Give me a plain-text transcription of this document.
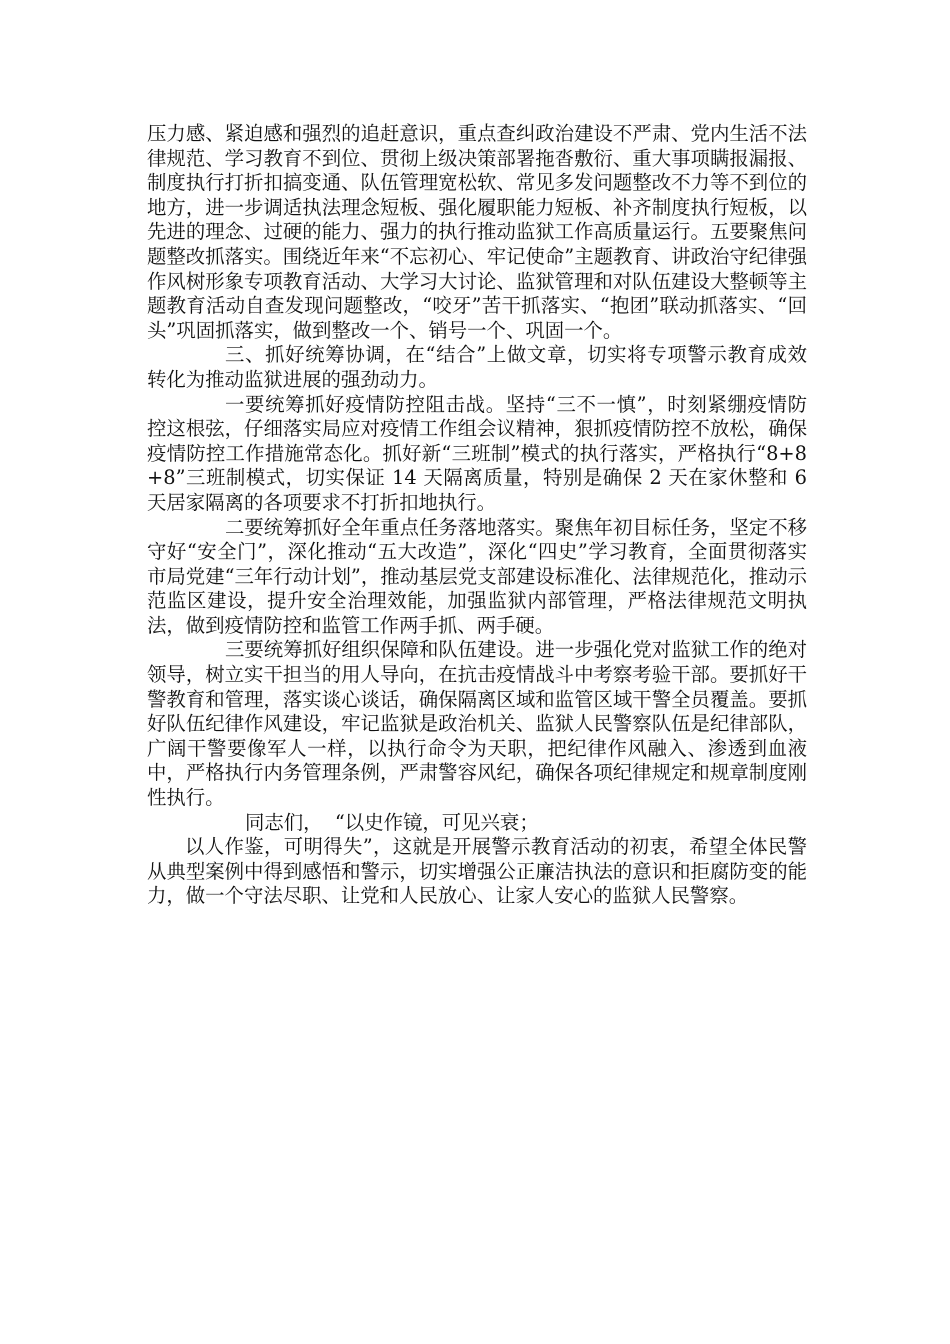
压力感、紧迫感和强烈的追赶意识，重点查纠政治建设不严肃、党内生活不法律规范、学习教育不到位、贯彻上级决策部署拖沓敷衍、重大事项瞒报漏报、制度执行打折扣搞变通、队伍管理宽松软、常见多发问题整改不力等不到位的地方，进一步调适执法理念短板、强化履职能力短板、补齐制度执行短板，以先进的理念、过硬的能力、强力的执行推动监狱工作高质量运行。五要聚焦问题整改抓落实。围绕近年来“不忘初心、牢记使命”主题教育、讲政治守纪律强作风树形象专项教育活动、大学习大讨论、监狱管理和对队伍建设大整顿等主题教育活动自查发现问题整改，“咬牙”苦干抓落实、“抱团”联动抓落实、“回头”巩固抓落实，做到整改一个、销号一个、巩固一个。

三、抓好统筹协调，在“结合”上做文章，切实将专项警示教育成效转化为推动监狱进展的强劲动力。

一要统筹抓好疫情防控阻击战。坚持“三不一慎”，时刻紧绷疫情防控这根弦，仔细落实局应对疫情工作组会议精神，狠抓疫情防控不放松，确保疫情防控工作措施常态化。抓好新“三班制”模式的执行落实，严格执行“8+8+8”三班制模式，切实保证 14 天隔离质量，特别是确保 2 天在家休整和 6 天居家隔离的各项要求不打折扣地执行。

二要统筹抓好全年重点任务落地落实。聚焦年初目标任务，坚定不移守好“安全门”，深化推动“五大改造”，深化“四史”学习教育，全面贯彻落实市局党建“三年行动计划”，推动基层党支部建设标准化、法律规范化，推动示范监区建设，提升安全治理效能，加强监狱内部管理，严格法律规范文明执法，做到疫情防控和监管工作两手抓、两手硬。

三要统筹抓好组织保障和队伍建设。进一步强化党对监狱工作的绝对领导，树立实干担当的用人导向，在抗击疫情战斗中考察考验干部。要抓好干警教育和管理，落实谈心谈话，确保隔离区域和监管区域干警全员覆盖。要抓好队伍纪律作风建设，牢记监狱是政治机关、监狱人民警察队伍是纪律部队，广阔干警要像军人一样，以执行命令为天职，把纪律作风融入、渗透到血液中，严格执行内务管理条例，严肃警容风纪，确保各项纪律规定和规章制度刚性执行。

同志们，  “以史作镜，可见兴衰；

以人作鉴，可明得失”，这就是开展警示教育活动的初衷，希望全体民警从典型案例中得到感悟和警示，切实增强公正廉洁执法的意识和拒腐防变的能力，做一个守法尽职、让党和人民放心、让家人安心的监狱人民警察。
